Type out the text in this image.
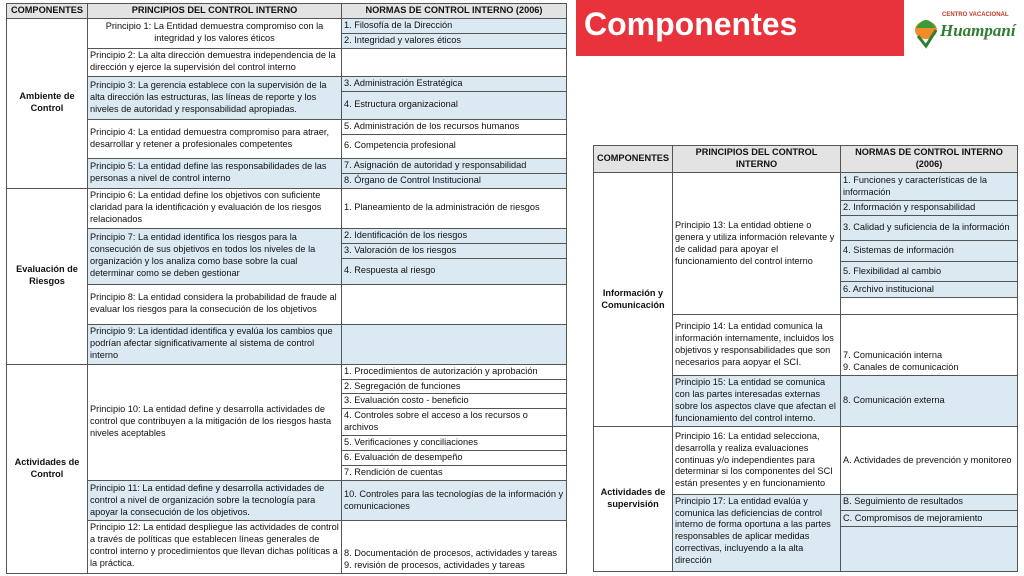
COMPONENTES	PRINCIPIOS DEL CONTROL INTERNO	NORMAS DE CONTROL INTERNO (2006)
Ambiente de Control	Principio 1: La Entidad demuestra compromiso con la integridad y los valores éticos	1. Filosofía de la Dirección
		2. Integridad y valores éticos
	Principio 2: La alta dirección demuestra independencia de la dirección y ejerce la supervisión del control interno	
	Principio 3: La gerencia establece con la supervisión de la alta dirección las estructuras, las líneas de reporte y los niveles de autoridad y responsabilidad apropiadas.	3. Administración Estratégica
		4. Estructura organizacional
	Principio 4: La entidad demuestra compromiso para atraer, desarrollar y retener a profesionales competentes	5. Administración de los recursos humanos
		6. Competencia profesional
	Principio 5: La entidad define las responsabilidades de las personas a nivel de control interno	7. Asignación de autoridad y responsabilidad
		8. Órgano de Control Institucional

Evaluación de Riesgos	Principio 6: La entidad define los objetivos con suficiente claridad para la identificación y evaluación de los riesgos relacionados	1. Planeamiento de la administración de riesgos
	Principio 7: La entidad identifica los riesgos para la consecución de sus objetivos en todos los niveles de la organización y los analiza como base sobre la cual determinar como se deben gestionar	2. Identificación de los riesgos
		3. Valoración de los riesgos
		4. Respuesta al riesgo
	Principio 8: La entidad considera la probabilidad de fraude al evaluar los riesgos para la consecución de los objetivos	
	Principio 9: La identidad identifica y evalúa los cambios que podrían afectar significativamente al sistema de control interno	

Actividades de Control	Principio 10: La entidad define y desarrolla actividades de control que contribuyen a la mitigación de los riesgos hasta niveles aceptables	1. Procedimientos de autorización y aprobación
		2. Segregación de funciones
		3. Evaluación costo - beneficio
		4. Controles sobre el acceso a los recursos o archivos
		5. Verificaciones y conciliaciones
		6. Evaluación de desempeño
		7. Rendición de cuentas
	Principio 11: La entidad define y desarrolla actividades de control a nivel de organización sobre la tecnología para apoyar la consecución de los objetivos.	10. Controles para las tecnologías de la información y comunicaciones
	Principio 12: La entidad despliegue las actividades de control a través de políticas que establecen líneas generales de control interno y procedimientos que llevan dichas políticas a la práctica.	8. Documentación de procesos, actividades y tareas
9. revisión de procesos, actividades y tareas
Componentes	CENTRO VACACIONAL
Huampaní
COMPONENTES	PRINCIPIOS DEL CONTROL INTERNO	NORMAS DE CONTROL INTERNO (2006)
Información y Comunicación	Principio 13: La entidad obtiene o genera y utiliza información relevante y de calidad para apoyar el funcionamiento del control interno	1. Funciones y características de la información
		2. Información y responsabilidad
		3. Calidad y suficiencia de la información
		4. Sistemas de información
		5. Flexibilidad al cambio
		6. Archivo institucional

	Principio 14: La entidad comunica la información internamente, incluidos los objetivos y responsabilidades que son necesarios para aopyar el SCI.	7. Comunicación interna
9. Canales de comunicación

	Principio 15: La entidad se comunica con las partes interesadas externas sobre los aspectos clave que afectan el funcionamiento del control interno.	8. Comunicación externa
Actividades de supervisión	Principio 16: La entidad selecciona, desarrolla y realiza evaluaciones continuas y/o independientes para determinar si los componentes del SCI están presentes y en funcionamiento	A. Actividades de prevención y monitoreo
	Principio 17: La entidad evalúa y comunica las deficiencias de control interno de forma oportuna a las partes responsables de aplicar medidas correctivas, incluyendo a la alta dirección	B. Seguimiento de resultados
		C. Compromisos de mejoramiento
